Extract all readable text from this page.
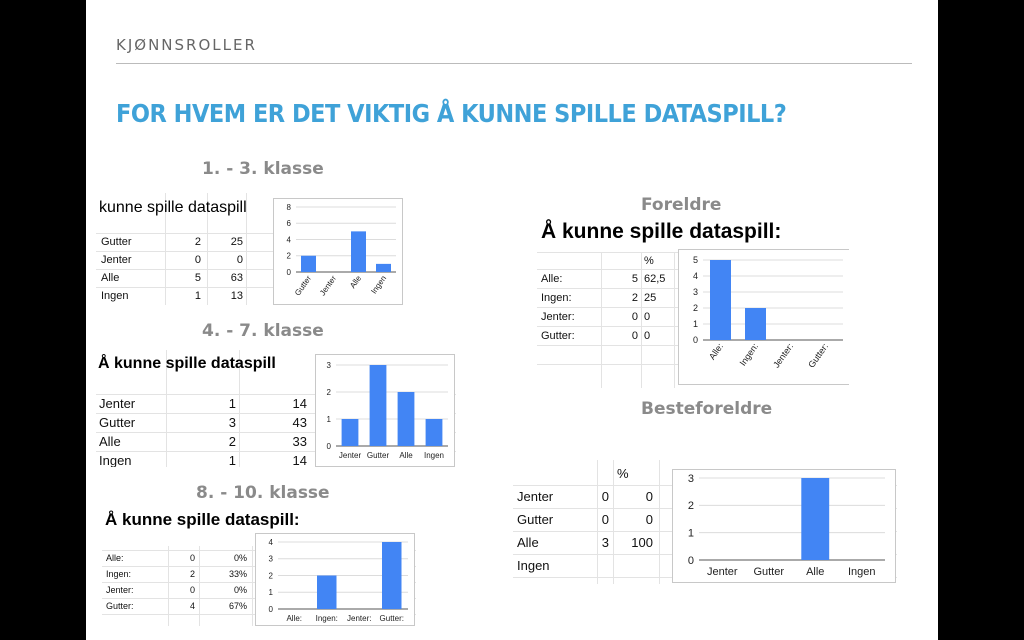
KJØNNSROLLER
FOR HVEM ER DET VIKTIG Å KUNNE SPILLE DATASPILL?
1. - 3. klasse
4. - 7. klasse
8. - 10. klasse
Foreldre
Besteforeldre
kunne spille dataspill
Gutter	2	25
Jenter	0	0
Alle	5	63
Ingen	1	13
0
2
4
6
8
Gutter Jenter Alle Ingen
Å kunne spille dataspill
Jenter	1	14
Gutter	3	43
Alle	2	33
Ingen	1	14
0
1
2
3
Jenter Gutter Alle Ingen
Å kunne spille dataspill:
Alle:	0	0%
Ingen:	2	33%
Jenter:	0	0%
Gutter:	4	67%	0
1
2
3
4
Alle: Ingen: Jenter: Gutter:
Å kunne spille dataspill:
%
Alle:	5 62,5
Ingen:	2 25
Jenter:	0 0
Gutter:	0 0	0
1
2
3
4
5
Alle: Ingen: Jenter: Gutter:
%
Jenter	0	0
Gutter	0	0
Alle	3	100
Ingen	0
1
2
3
Jenter Gutter Alle Ingen
